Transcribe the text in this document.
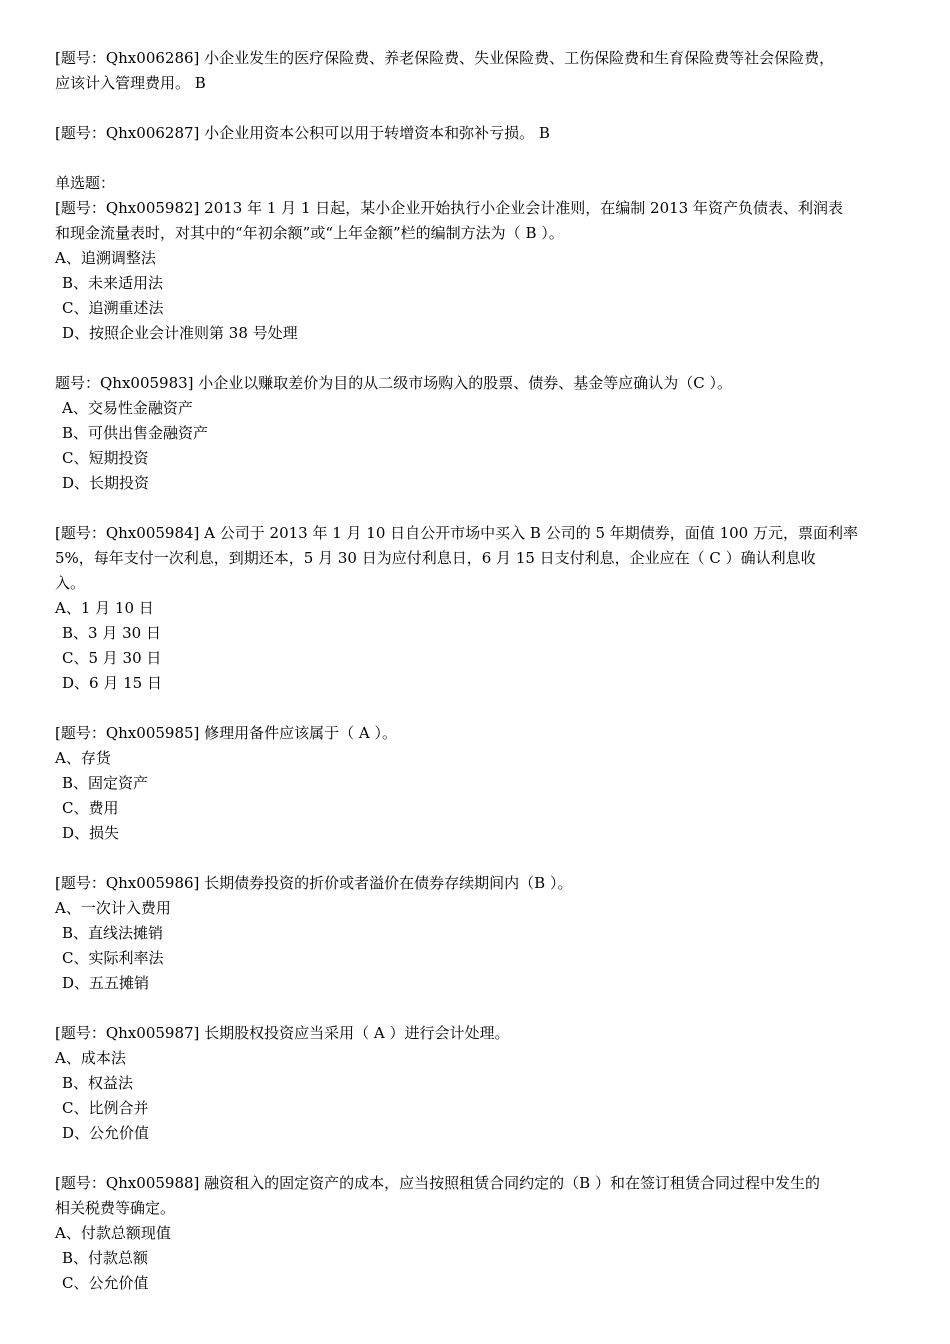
[题号：Qhx006286] 小企业发生的医疗保险费、养老保险费、失业保险费、工伤保险费和生育保险费等社会保险费，
应该计入管理费用。 B

[题号：Qhx006287] 小企业用资本公积可以用于转增资本和弥补亏损。 B

单选题：

[题号：Qhx005982] 2013 年 1 月 1 日起，某小企业开始执行小企业会计准则，在编制 2013 年资产负债表、利润表
和现金流量表时，对其中的“年初余额”或“上年金额”栏的编制方法为（ B ）。

A、追溯调整法

B、未来适用法

C、追溯重述法

D、按照企业会计准则第 38 号处理

题号：Qhx005983] 小企业以赚取差价为目的从二级市场购入的股票、债券、基金等应确认为（C ）。

A、交易性金融资产

B、可供出售金融资产

C、短期投资

D、长期投资

[题号：Qhx005984] A 公司于 2013 年 1 月 10 日自公开市场中买入 B 公司的 5 年期债券，面值 100 万元，票面利率
5%，每年支付一次利息，到期还本，5 月 30 日为应付利息日，6 月 15 日支付利息，企业应在（ C ）确认利息收
入。

A、1 月 10 日

B、3 月 30 日

C、5 月 30 日

D、6 月 15 日

[题号：Qhx005985] 修理用备件应该属于（ A ）。

A、存货

B、固定资产

C、费用

D、损失

[题号：Qhx005986] 长期债券投资的折价或者溢价在债券存续期间内（B ）。

A、一次计入费用

B、直线法摊销

C、实际利率法

D、五五摊销

[题号：Qhx005987] 长期股权投资应当采用（ A ）进行会计处理。

A、成本法

B、权益法

C、比例合并

D、公允价值

[题号：Qhx005988] 融资租入的固定资产的成本，应当按照租赁合同约定的（B ）和在签订租赁合同过程中发生的
相关税费等确定。

A、付款总额现值

B、付款总额

C、公允价值
